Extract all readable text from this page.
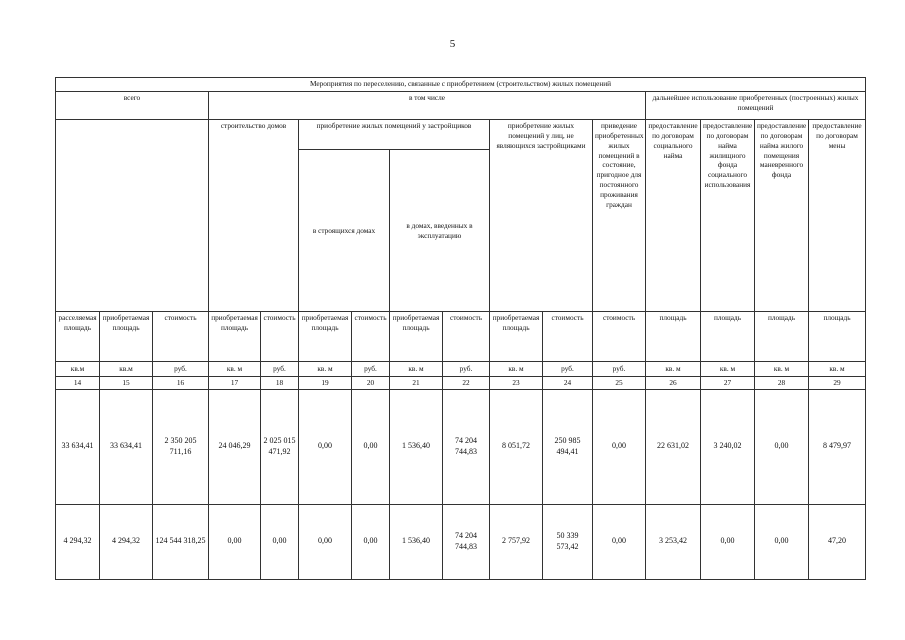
5
Мероприятия по переселению, связанные с приобретением (строительством) жилых помещений															
всего			в том числе									дальнейшее использование приобретенных (построенных) жилых помещений			
			строительство домов		приобретение жилых помещений у застройщиков				приобретение жилых помещений у лиц, не являющихся застройщиками		приведение приобретенных жилых помещений в состояние, пригодное для постоянного проживания граждан	предоставление по договорам социального найма	предоставление по договорам найма жилищного фонда социального использования	предоставление по договорам найма жилого помещения маневренного фонда	предоставление по договорам мены
					в строящихся домах		в домах, введенных в эксплуатацию								
расселяемая площадь	приобретаемая площадь	стоимость	приобретаемая площадь	стоимость	приобретаемая площадь	стоимость	приобретаемая площадь	стоимость	приобретаемая площадь	стоимость	стоимость	площадь	площадь	площадь	площадь
кв.м	кв.м	руб.	кв. м	руб.	кв. м	руб.	кв. м	руб.	кв. м	руб.	руб.	кв. м	кв. м	кв. м	кв. м
14	15	16	17	18	19	20	21	22	23	24	25	26	27	28	29
33 634,41	33 634,41	2 350 205 711,16	24 046,29	2 025 015 471,92	0,00	0,00	1 536,40	74 204 744,83	8 051,72	250 985 494,41	0,00	22 631,02	3 240,02	0,00	8 479,97
4 294,32	4 294,32	124 544 318,25	0,00	0,00	0,00	0,00	1 536,40	74 204 744,83	2 757,92	50 339 573,42	0,00	3 253,42	0,00	0,00	47,20
